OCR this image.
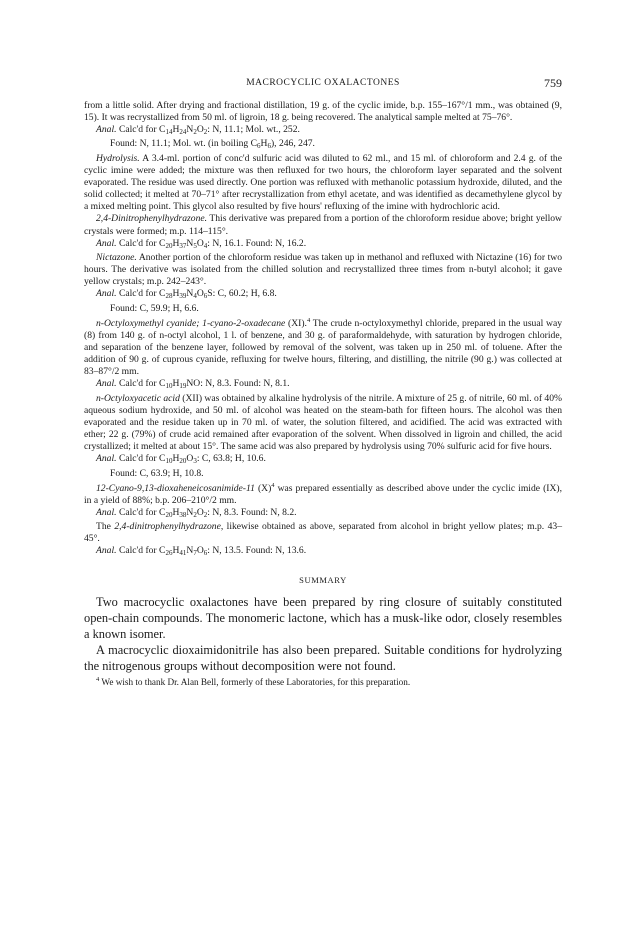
MACROCYCLIC OXALACTONES	759

from a little solid. After drying and fractional distillation, 19 g. of the cyclic imide, b.p. 155–167°/1 mm., was obtained (9, 15). It was recrystallized from 50 ml. of ligroin, 18 g. being recovered. The analytical sample melted at 75–76°.

Anal. Calc'd for $C_{14}H_{24}N_2O_2$: N, 11.1; Mol. wt., 252.

Found: N, 11.1; Mol. wt. (in boiling $C_6H_6$), 246, 247.

Hydrolysis. A 3.4-ml. portion of conc'd sulfuric acid was diluted to 62 ml., and 15 ml. of chloroform and 2.4 g. of the cyclic imine were added; the mixture was then refluxed for two hours, the chloroform layer separated and the solvent evaporated. The residue was used directly. One portion was refluxed with methanolic potassium hydroxide, diluted, and the solid collected; it melted at 70–71° after recrystallization from ethyl acetate, and was identified as decamethylene glycol by a mixed melting point. This glycol also resulted by five hours' refluxing of the imine with hydrochloric acid.

2,4-Dinitrophenylhydrazone. This derivative was prepared from a portion of the chloroform residue above; bright yellow crystals were formed; m.p. 114–115°.

Anal. Calc'd for $C_{20}H_{37}N_5O_4$: N, 16.1. Found: N, 16.2.

Nictazone. Another portion of the chloroform residue was taken up in methanol and refluxed with Nictazine (16) for two hours. The derivative was isolated from the chilled solution and recrystallized three times from n-butyl alcohol; it gave yellow crystals; m.p. 242–243°.

Anal. Calc'd for $C_{28}H_{39}N_4O_6S$: C, 60.2; H, 6.8.

Found: C, 59.9; H, 6.6.

n-Octyloxymethyl cyanide; 1-cyano-2-oxadecane (XI).$^4$ The crude n-octyloxymethyl chloride, prepared in the usual way (8) from 140 g. of n-octyl alcohol, 1 l. of benzene, and 30 g. of paraformaldehyde, with saturation by hydrogen chloride, and separation of the benzene layer, followed by removal of the solvent, was taken up in 250 ml. of toluene. After the addition of 90 g. of cuprous cyanide, refluxing for twelve hours, filtering, and distilling, the nitrile (90 g.) was collected at 83–87°/2 mm.

Anal. Calc'd for $C_{10}H_{19}NO$: N, 8.3. Found: N, 8.1.

n-Octyloxyacetic acid (XII) was obtained by alkaline hydrolysis of the nitrile. A mixture of 25 g. of nitrile, 60 ml. of 40% aqueous sodium hydroxide, and 50 ml. of alcohol was heated on the steam-bath for fifteen hours. The alcohol was then evaporated and the residue taken up in 70 ml. of water, the solution filtered, and acidified. The acid was extracted with ether; 22 g. (79%) of crude acid remained after evaporation of the solvent. When dissolved in ligroin and chilled, the acid crystallized; it melted at about 15°. The same acid was also prepared by hydrolysis using 70% sulfuric acid for five hours.

Anal. Calc'd for $C_{10}H_{20}O_3$: C, 63.8; H, 10.6.

Found: C, 63.9; H, 10.8.

12-Cyano-9,13-dioxaheneicosanimide-11 $(X)^4$ was prepared essentially as described above under the cyclic imide (IX), in a yield of 88%; b.p. 206–210°/2 mm.

Anal. Calc'd for $C_{20}H_{38}N_2O_2$: N, 8.3. Found: N, 8.2.

The 2,4-dinitrophenylhydrazone, likewise obtained as above, separated from alcohol in bright yellow plates; m.p. 43–45°.

Anal. Calc'd for $C_{26}H_{41}N_7O_6$: N, 13.5. Found: N, 13.6.

SUMMARY

Two macrocyclic oxalactones have been prepared by ring closure of suitably constituted open-chain compounds. The monomeric lactone, which has a musk-like odor, closely resembles a known isomer.

A macrocyclic dioxaimidonitrile has also been prepared. Suitable conditions for hydrolyzing the nitrogenous groups without decomposition were not found.

$^4$ We wish to thank Dr. Alan Bell, formerly of these Laboratories, for this preparation.
